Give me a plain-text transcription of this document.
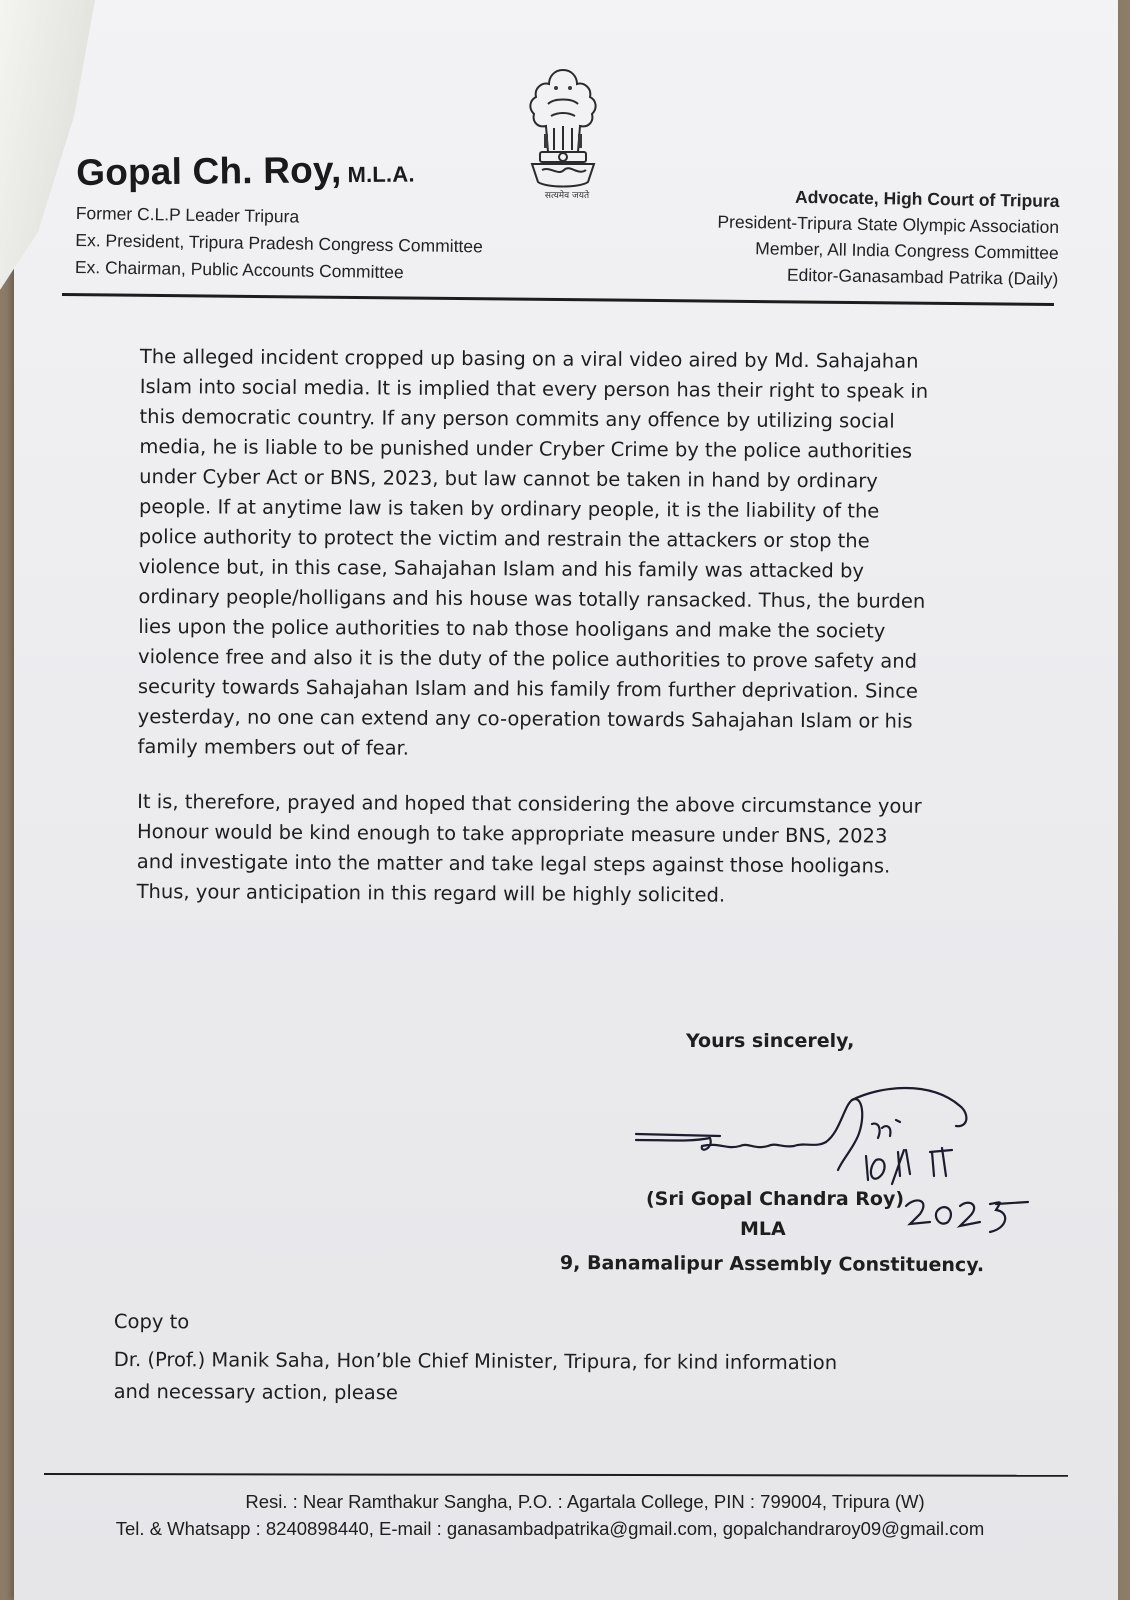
सत्यमेव जयते
Gopal Ch. Roy, M.L.A.
Former C.L.P Leader Tripura
Ex. President, Tripura Pradesh Congress Committee
Ex. Chairman, Public Accounts Committee
Advocate, High Court of Tripura
President-Tripura State Olympic Association
Member, All India Congress Committee
Editor-Ganasambad Patrika (Daily)

The alleged incident cropped up basing on a viral video aired by Md. Sahajahan Islam into social media. It is implied that every person has their right to speak in this democratic country. If any person commits any offence by utilizing social media, he is liable to be punished under Cryber Crime by the police authorities under Cyber Act or BNS, 2023, but law cannot be taken in hand by ordinary people. If at anytime law is taken by ordinary people, it is the liability of the police authority to protect the victim and restrain the attackers or stop the violence but, in this case, Sahajahan Islam and his family was attacked by ordinary people/holligans and his house was totally ransacked. Thus, the burden lies upon the police authorities to nab those hooligans and make the society violence free and also it is the duty of the police authorities to prove safety and security towards Sahajahan Islam and his family from further deprivation. Since yesterday, no one can extend any co-operation towards Sahajahan Islam or his family members out of fear.

It is, therefore, prayed and hoped that considering the above circumstance your Honour would be kind enough to take appropriate measure under BNS, 2023 and investigate into the matter and take legal steps against those hooligans. Thus, your anticipation in this regard will be highly solicited.

Yours sincerely,
(Sri Gopal Chandra Roy)
MLA
9, Banamalipur Assembly Constituency.

Copy to

Dr. (Prof.) Manik Saha, Hon’ble Chief Minister, Tripura, for kind information and necessary action, please

Resi. : Near Ramthakur Sangha, P.O. : Agartala College, PIN : 799004, Tripura (W)
Tel. & Whatsapp : 8240898440, E-mail : ganasambadpatrika@gmail.com, gopalchandraroy09@gmail.com
